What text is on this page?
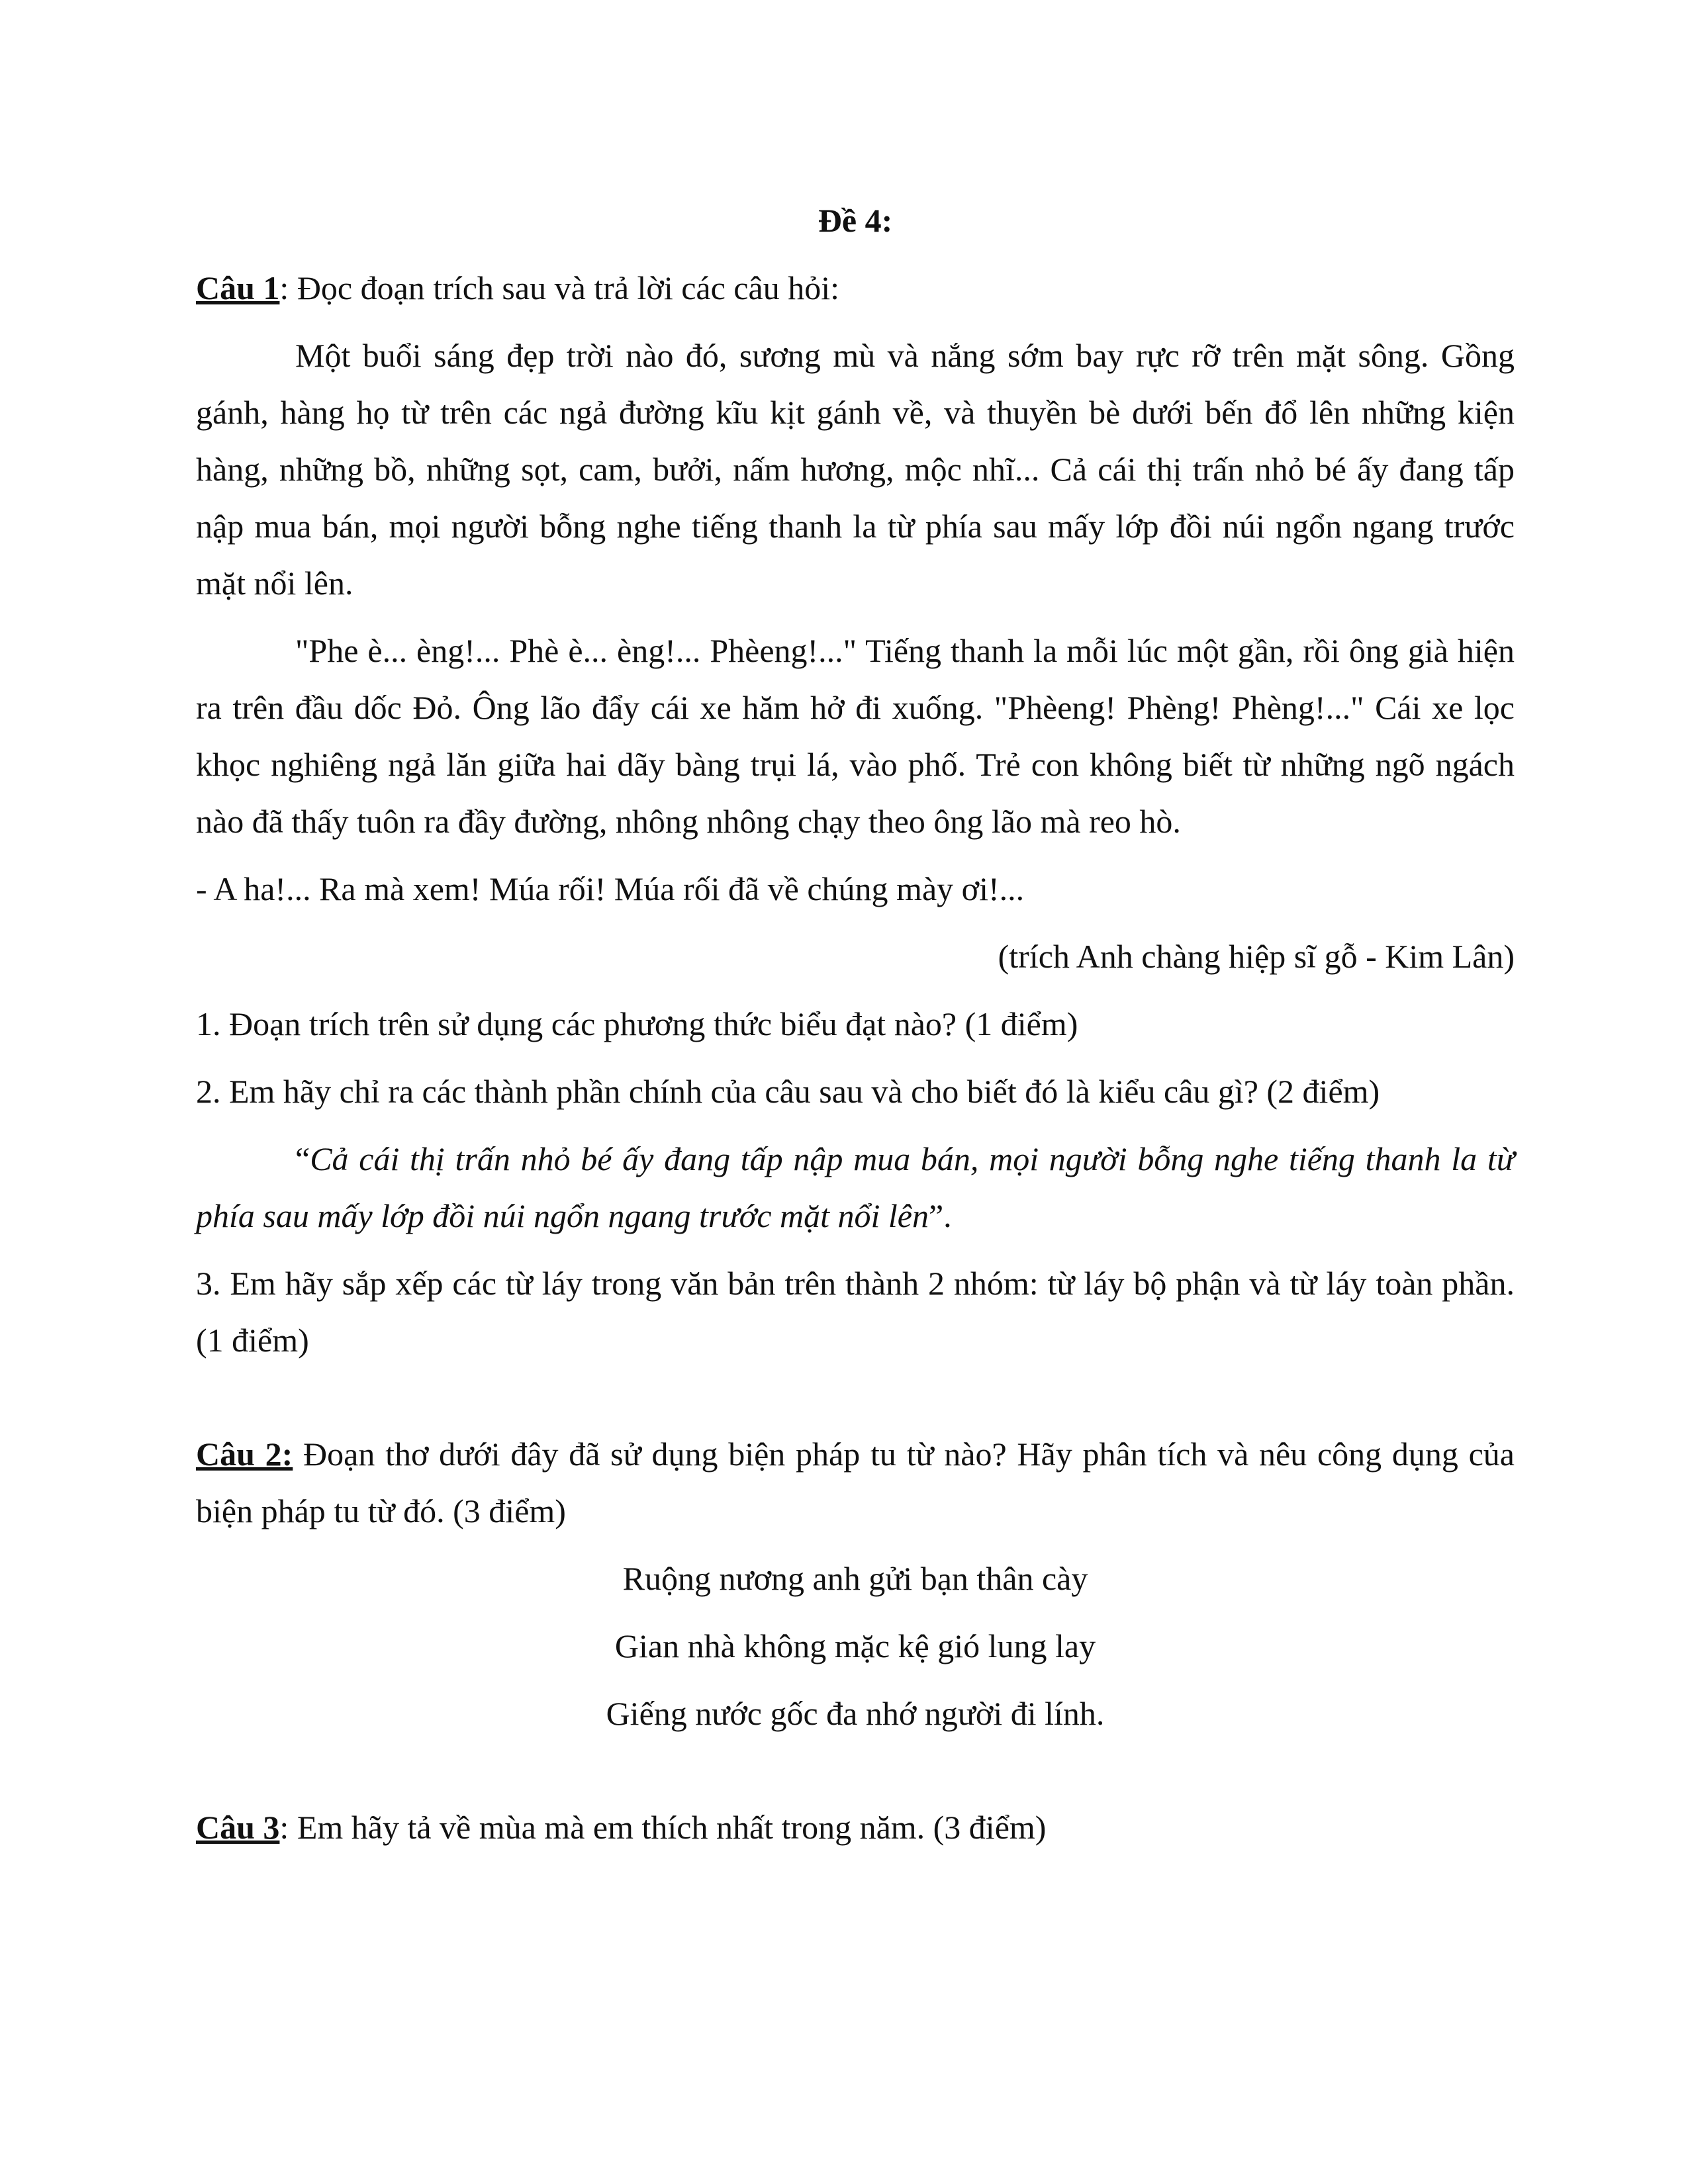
Đề 4:

Câu 1: Đọc đoạn trích sau và trả lời các câu hỏi:

Một buổi sáng đẹp trời nào đó, sương mù và nắng sớm bay rực rỡ trên mặt sông. Gồng gánh, hàng họ từ trên các ngả đường kĩu kịt gánh về, và thuyền bè dưới bến đổ lên những kiện hàng, những bồ, những sọt, cam, bưởi, nấm hương, mộc nhĩ... Cả cái thị trấn nhỏ bé ấy đang tấp nập mua bán, mọi người bỗng nghe tiếng thanh la từ phía sau mấy lớp đồi núi ngổn ngang trước mặt nổi lên.

"Phe è... èng!... Phè è... èng!... Phèeng!..." Tiếng thanh la mỗi lúc một gần, rồi ông già hiện ra trên đầu dốc Đỏ. Ông lão đẩy cái xe hăm hở đi xuống. "Phèeng! Phèng! Phèng!..." Cái xe lọc khọc nghiêng ngả lăn giữa hai dãy bàng trụi lá, vào phố. Trẻ con không biết từ những ngõ ngách nào đã thấy tuôn ra đầy đường, nhông nhông chạy theo ông lão mà reo hò.

- A ha!... Ra mà xem! Múa rối! Múa rối đã về chúng mày ơi!...

(trích Anh chàng hiệp sĩ gỗ - Kim Lân)

1. Đoạn trích trên sử dụng các phương thức biểu đạt nào? (1 điểm)

2. Em hãy chỉ ra các thành phần chính của câu sau và cho biết đó là kiểu câu gì? (2 điểm)

“Cả cái thị trấn nhỏ bé ấy đang tấp nập mua bán, mọi người bỗng nghe tiếng thanh la từ phía sau mấy lớp đồi núi ngổn ngang trước mặt nổi lên”.

3. Em hãy sắp xếp các từ láy trong văn bản trên thành 2 nhóm: từ láy bộ phận và từ láy toàn phần. (1 điểm)

Câu 2: Đoạn thơ dưới đây đã sử dụng biện pháp tu từ nào? Hãy phân tích và nêu công dụng của biện pháp tu từ đó. (3 điểm)

Ruộng nương anh gửi bạn thân cày
Gian nhà không mặc kệ gió lung lay
Giếng nước gốc đa nhớ người đi lính.

Câu 3: Em hãy tả về mùa mà em thích nhất trong năm. (3 điểm)
